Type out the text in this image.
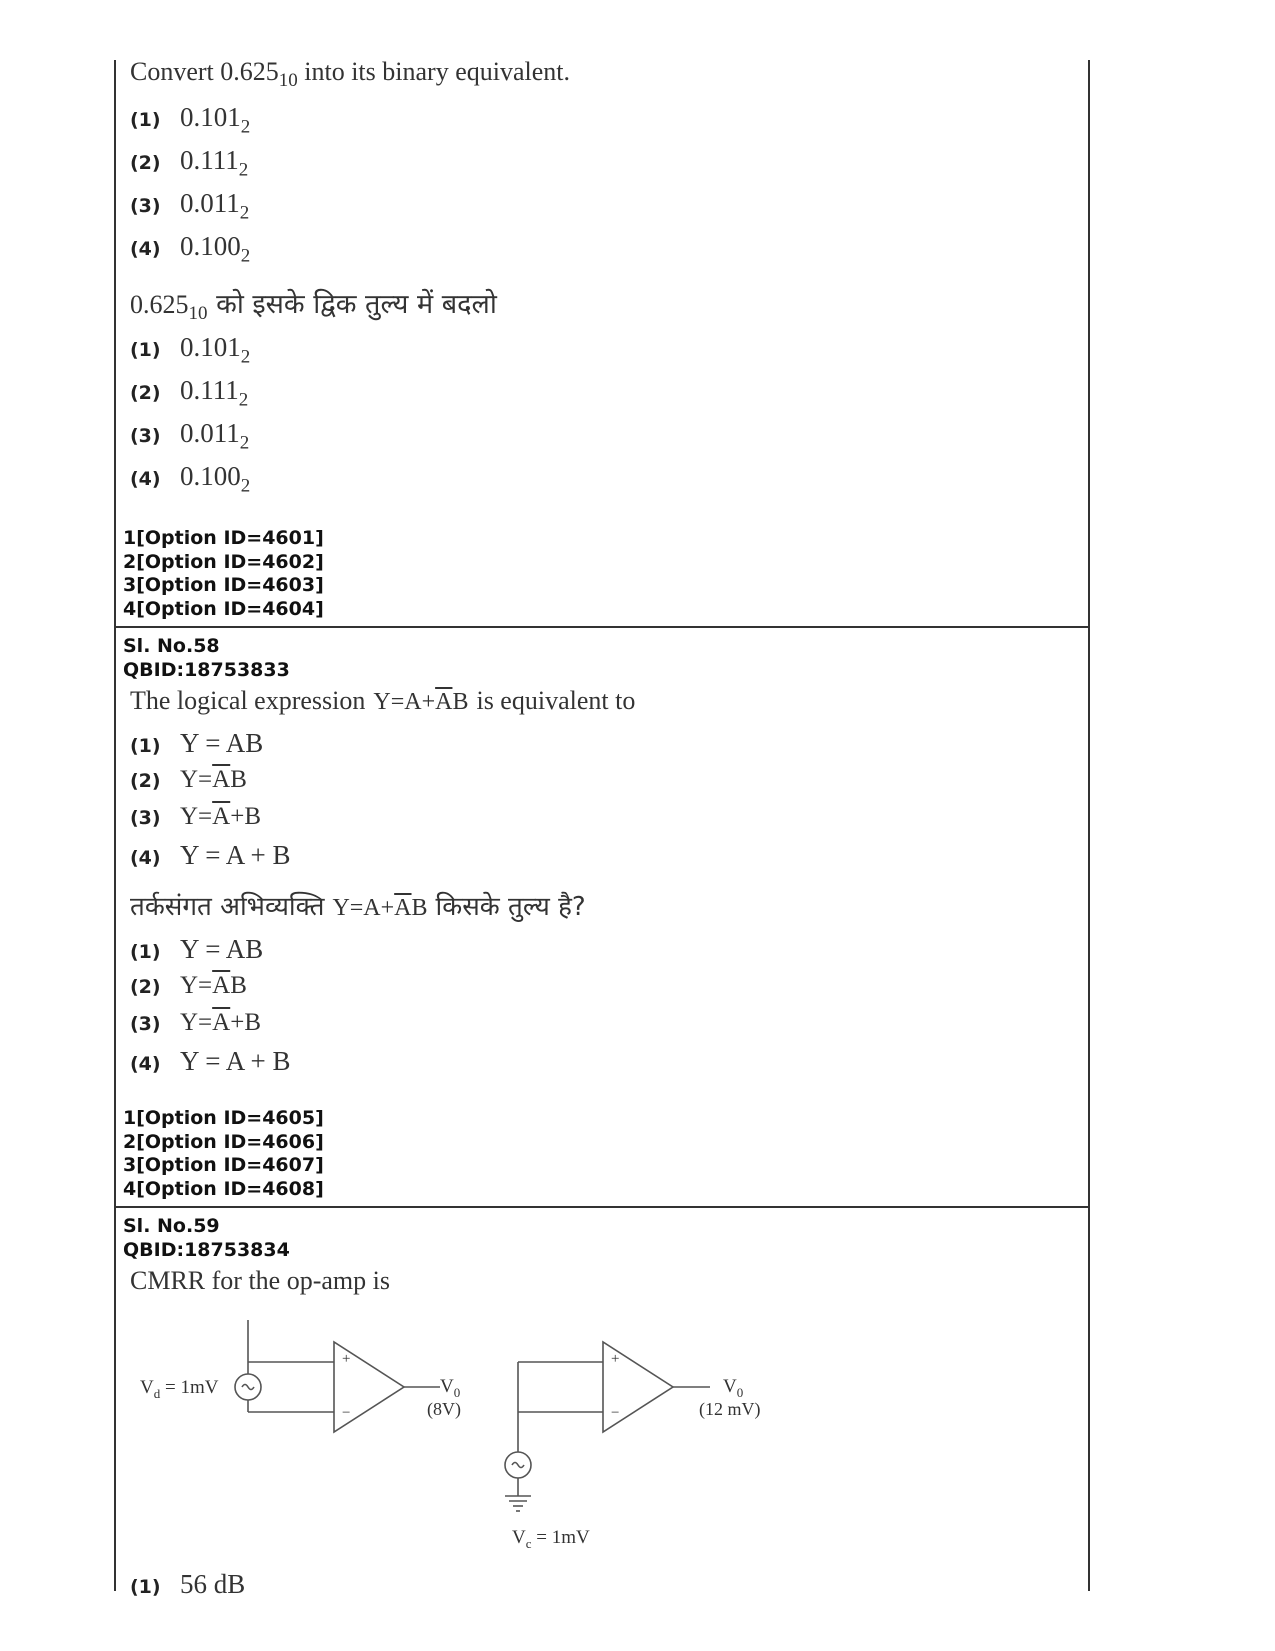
Convert $0.625_{10}$ into its binary equivalent.
(1) $0.101_2$
(2) $0.111_2$
(3) $0.011_2$
(4) $0.100_2$
$0.625_{10}$ को इसके द्विक तुल्य में बदलो
(1) $0.101_2$
(2) $0.111_2$
(3) $0.011_2$
(4) $0.100_2$
1[Option ID=4601]
2[Option ID=4602]
3[Option ID=4603]
4[Option ID=4604]
Sl. No.58
QBID:18753833
The logical expression $Y=A+\overline{A}B$ is equivalent to
(1) Y = AB
(2) $Y=\overline{A}B$
(3) $Y=\overline{A}+B$
(4) Y = A + B
तर्कसंगत अभिव्यक्ति $Y=A+\overline{A}B$ किसके तुल्य है?
(1) Y = AB
(2) $Y=\overline{A}B$
(3) $Y=\overline{A}+B$
(4) Y = A + B
1[Option ID=4605]
2[Option ID=4606]
3[Option ID=4607]
4[Option ID=4608]
Sl. No.59
QBID:18753834
CMRR for the op-amp is
+
−
$V_d = 1mV$	$V_0$
(8V)
+
−
$V_0$
(12 mV)
$V_c = 1mV$
(1) 56 dB
